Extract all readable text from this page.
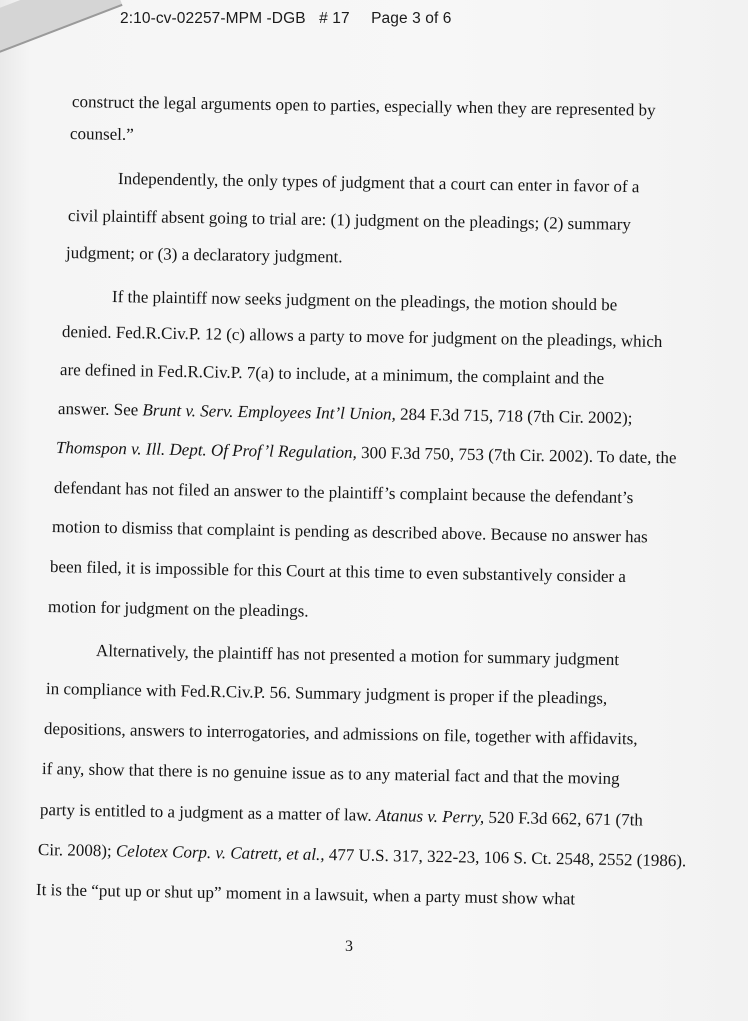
2:10-cv-02257-MPM -DGB # 17 Page 3 of 6
construct the legal arguments open to parties, especially when they are represented by
counsel.”
Independently, the only types of judgment that a court can enter in favor of a
civil plaintiff absent going to trial are: (1) judgment on the pleadings; (2) summary
judgment; or (3) a declaratory judgment.
If the plaintiff now seeks judgment on the pleadings, the motion should be
denied. Fed.R.Civ.P. 12 (c) allows a party to move for judgment on the pleadings, which
are defined in Fed.R.Civ.P. 7(a) to include, at a minimum, the complaint and the
answer. See Brunt v. Serv. Employees Int’l Union, 284 F.3d 715, 718 (7th Cir. 2002);
Thomspon v. Ill. Dept. Of Prof’l Regulation, 300 F.3d 750, 753 (7th Cir. 2002). To date, the
defendant has not filed an answer to the plaintiff’s complaint because the defendant’s
motion to dismiss that complaint is pending as described above. Because no answer has
been filed, it is impossible for this Court at this time to even substantively consider a
motion for judgment on the pleadings.
Alternatively, the plaintiff has not presented a motion for summary judgment
in compliance with Fed.R.Civ.P. 56. Summary judgment is proper if the pleadings,
depositions, answers to interrogatories, and admissions on file, together with affidavits,
if any, show that there is no genuine issue as to any material fact and that the moving
party is entitled to a judgment as a matter of law. Atanus v. Perry, 520 F.3d 662, 671 (7th
Cir. 2008); Celotex Corp. v. Catrett, et al., 477 U.S. 317, 322-23, 106 S. Ct. 2548, 2552 (1986).
It is the “put up or shut up” moment in a lawsuit, when a party must show what
3
